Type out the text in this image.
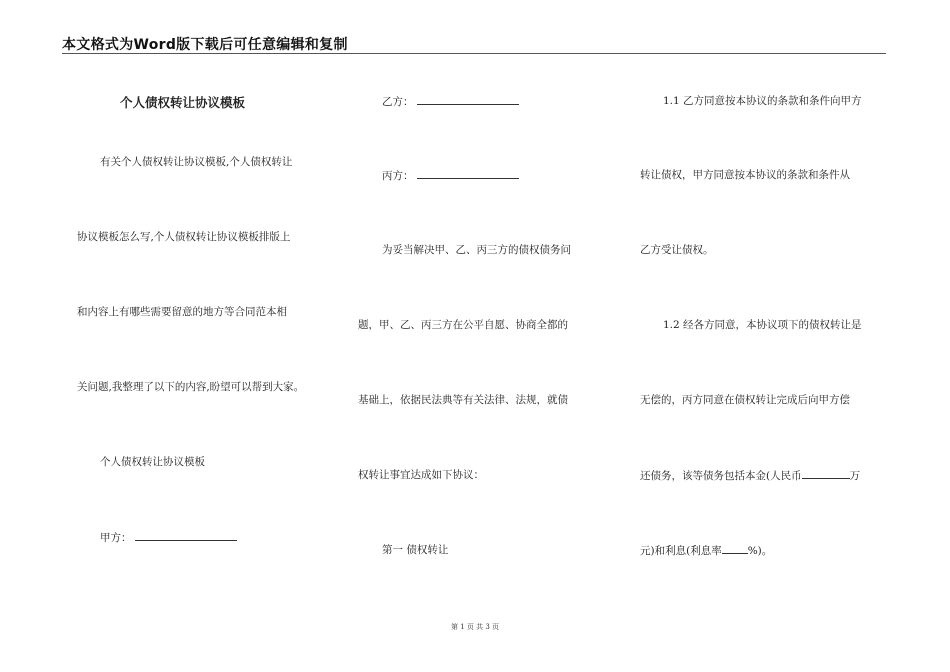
本文格式为Word版下载后可任意编辑和复制
个人债权转让协议模板
有关个人债权转让协议模板,个人债权转让
协议模板怎么写,个人债权转让协议模板排版上
和内容上有哪些需要留意的地方等合同范本相
关问题,我整理了以下的内容,盼望可以帮到大家。
个人债权转让协议模板
甲方：
乙方：
丙方：
为妥当解决甲、乙、丙三方的债权债务问
题，甲、乙、丙三方在公平自愿、协商全都的
基础上，依据民法典等有关法律、法规，就债
权转让事宜达成如下协议：
第一 债权转让
1.1 乙方同意按本协议的条款和条件向甲方
转让债权，甲方同意按本协议的条款和条件从
乙方受让债权。
1.2 经各方同意，本协议项下的债权转让是
无偿的，丙方同意在债权转让完成后向甲方偿
还债务，该等债务包括本金(人民币	万
元)和利息(利息率 %)。
第 1 页 共 3 页
